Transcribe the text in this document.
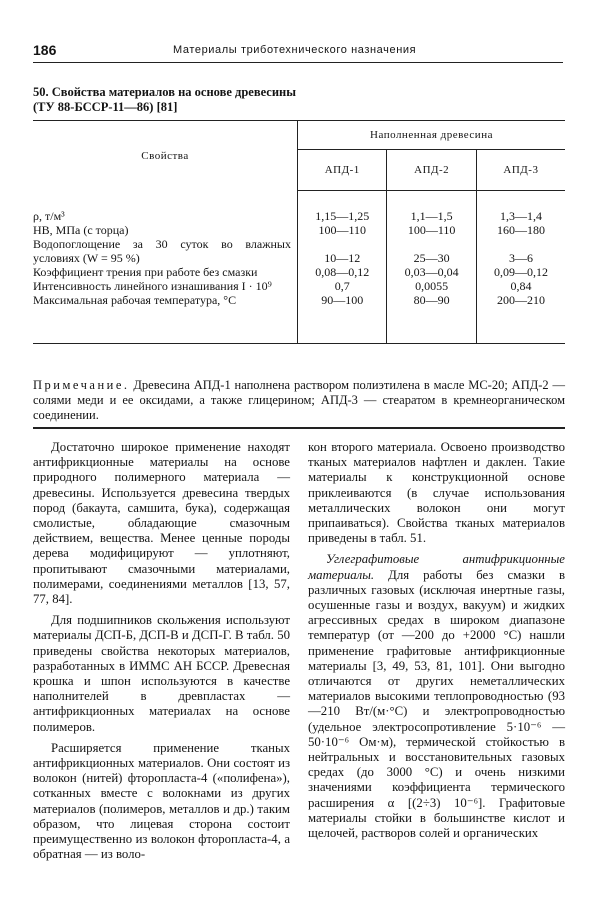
186	Материалы триботехнического назначения
50. Свойства материалов на основе древесины
(ТУ 88-БССР-11—86) [81]
Свойства	Наполненная древесина		
	АПД-1	АПД-2	АПД-3
ρ, т/м³	1,15—1,25	1,1—1,5	1,3—1,4
НВ, МПа (с торца)	100—110	100—110	160—180
Водопоглощение за 30 суток во влажных условиях (W = 95 %)	10—12	25—30	3—6
Коэффициент трения при работе без смазки	0,08—0,12	0,03—0,04	0,09—0,12
Интенсивность линейного изнашивания I · 10⁹	0,7	0,0055	0,84
Максимальная рабочая температура, °С	90—100	80—90	200—210
Примечание. Древесина АПД-1 наполнена раствором полиэтилена в масле МС-20; АПД-2 — солями меди и ее оксидами, а также глицерином; АПД-3 — стеаратом в кремнеорганическом соединении.

Достаточно широкое применение находят антифрикционные материалы на основе природного полимерного материала — древесины. Используется древесина твердых пород (бакаута, самшита, бука), содержащая смолистые, обладающие смазочным действием, вещества. Менее ценные породы дерева модифицируют — уплотняют, пропитывают смазочными материалами, полимерами, соединениями металлов [13, 57, 77, 84].

Для подшипников скольжения используют материалы ДСП-Б, ДСП-В и ДСП-Г. В табл. 50 приведены свойства некоторых материалов, разработанных в ИММС АН БССР. Древесная крошка и шпон используются в качестве наполнителей в древпластах — антифрикционных материалах на основе полимеров.

Расширяется применение тканых антифрикционных материалов. Они состоят из волокон (нитей) фторопласта-4 («полифена»), сотканных вместе с волокнами из других материалов (полимеров, металлов и др.) таким образом, что лицевая сторона состоит преимущественно из волокон фторопласта-4, а обратная — из воло-

кон второго материала. Освоено производство тканых материалов нафтлен и даклен. Такие материалы к конструкционной основе приклеиваются (в случае использования металлических волокон они могут припаиваться). Свойства тканых материалов приведены в табл. 51.

Углеграфитовые антифрикционные материалы. Для работы без смазки в различных газовых (исключая инертные газы, осушенные газы и воздух, вакуум) и жидких агрессивных средах в широком диапазоне температур (от —200 до +2000 °С) нашли применение графитовые антифрикционные материалы [3, 49, 53, 81, 101]. Они выгодно отличаются от других неметаллических материалов высокими теплопроводностью (93—210 Вт/(м·°С) и электропроводностью (удельное электросопротивление 5·10⁻⁶ — 50·10⁻⁶ Ом·м), термической стойкостью в нейтральных и восстановительных газовых средах (до 3000 °С) и очень низкими значениями коэффициента термического расширения α [(2÷3) 10⁻⁶]. Графитовые материалы стойки в большинстве кислот и щелочей, растворов солей и органических
